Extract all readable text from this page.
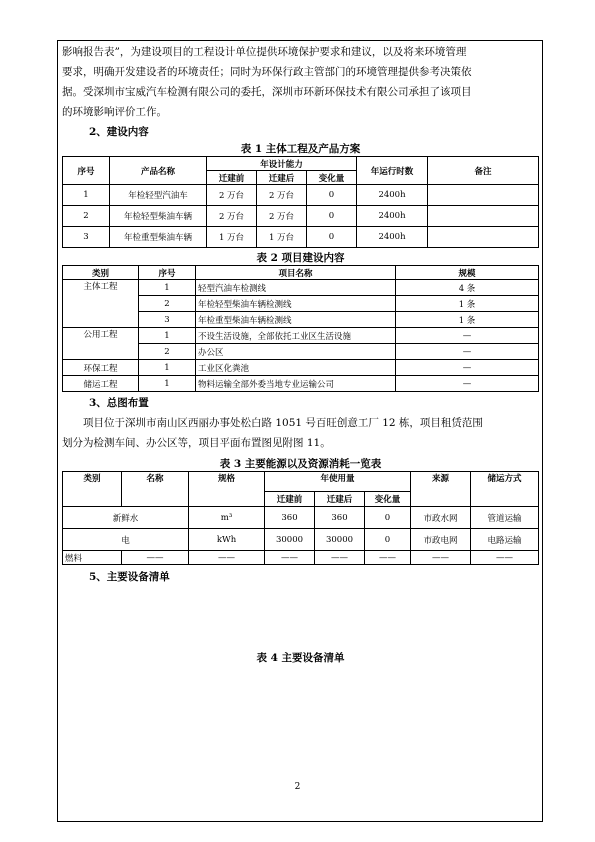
影响报告表”，为建设项目的工程设计单位提供环境保护要求和建议，以及将来环境管理

要求，明确开发建设者的环境责任；同时为环保行政主管部门的环境管理提供参考决策依

据。受深圳市宝威汽车检测有限公司的委托，深圳市环新环保技术有限公司承担了该项目

的环境影响评价工作。

2、建设内容

表 1 主体工程及产品方案

序号	产品名称	年设计能力			年运行时数	备注
		迁建前	迁建后	变化量		
1	年检轻型汽油车	2 万台	2 万台	0	2400h	
2	年检轻型柴油车辆	2 万台	2 万台	0	2400h	
3	年检重型柴油车辆	1 万台	1 万台	0	2400h	

表 2 项目建设内容

类别	序号	项目名称	规模
主体工程	1	轻型汽油车检测线	4 条
	2	年检轻型柴油车辆检测线	1 条
	3	年检重型柴油车辆检测线	1 条
公用工程	1	不设生活设施，全部依托工业区生活设施	—
	2	办公区	—
环保工程	1	工业区化粪池	—
储运工程	1	物料运输全部外委当地专业运输公司	—

3、总图布置

项目位于深圳市南山区西丽办事处松白路 1051 号百旺创意工厂 12 栋，项目租赁范围

划分为检测车间、办公区等，项目平面布置图见附图 11。

表 3 主要能源以及资源消耗一览表

类别	名称	规格	年使用量			来源	储运方式
			迁建前	迁建后	变化量		
新鲜水		m³	360	360	0	市政水网	管道运输
电		kWh	30000	30000	0	市政电网	电路运输
燃料	——	——	——	——	——	——	——

5、主要设备清单

表 4 主要设备清单

2
